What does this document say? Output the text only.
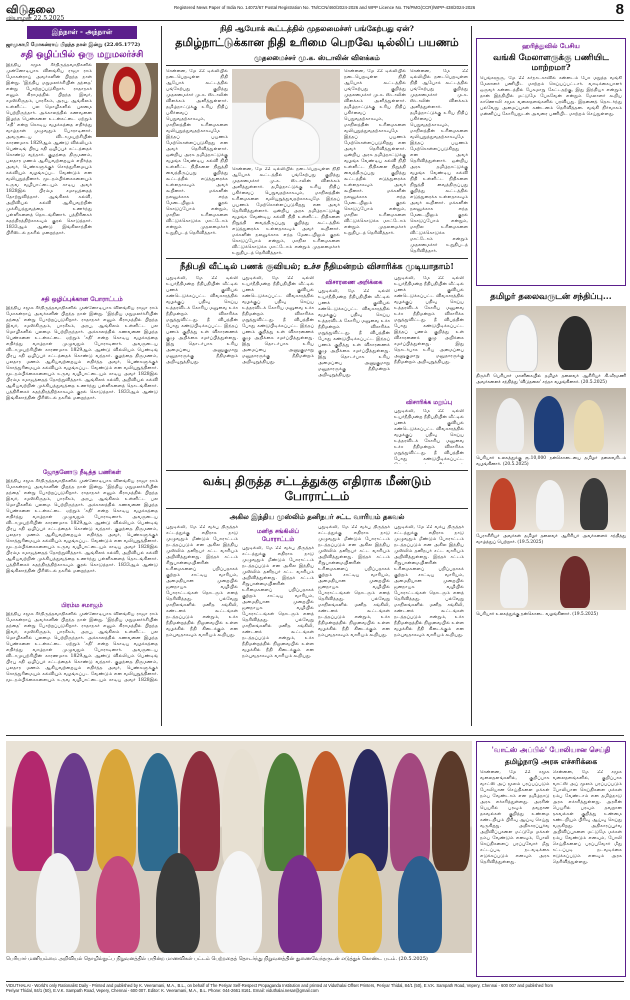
விடுதலை
வியாழன் 22.5.2025
Registered News Paper of India No. 14072/67 Postal Registration No. TN/CCN/460/2024-2026 and WPP Licence No. TN/PMG(CCR)/WPP-438/2024-2026	8
இந்நாள் - அந்நாள்
ஜாமுகாமி மோகன்ராய் பிறந்த நாள் இன்று (22.05.1772)
சதி ஒழிப்பில் ஒரு மறுமலர்ச்சி
இந்திய சமூக சீர்திருத்தவாதிகளில் முன்னோடியாக விளங்கிய ராஜா ராம் மோகன்ராய் அவர்களின் பிறந்த நாள் இன்று. 'இந்திய மறுமலர்ச்சியின் தந்தை' என்று போற்றப்படுகிறார். ராதாநகர் எனும் கிராமத்தில் பிறந்த இவர், சமஸ்கிருதம், பாரசீகம், அரபு, ஆங்கிலம் உள்ளிட்ட பல மொழிகளில் புலமை பெற்றிருந்தார். அக்காலத்தில் கணவனை இழந்த பெண்களை உடன்கட்டை ஏற்றும் 'சதி' என்ற கொடிய வழக்கத்தை எதிர்த்து வாழ்நாள் முழுவதும் போராடினார். அவருடைய விடாமுயற்சியின் காரணமாக 1829ஆம் ஆண்டு வில்லியம் பெண்டிங் பிரபு சதி ஒழிப்புச் சட்டத்தைக் கொண்டு வந்தார். குழந்தை திருமணம், பலதார மணம் ஆகியவற்றையும் எதிர்த்த அவர், பெண்களுக்குச் சொத்துரிமையும் கல்வியும் வழங்கப்பட வேண்டும் என வலியுறுத்தினார். மூடநம்பிக்கைகளையும் உருவ வழிபாட்டையும் சாடிய அவர் 1828இல் பிரம்ம சமாஜத்தைத் தோற்றுவித்தார். ஆங்கிலக் கல்வி, அறிவியல் கல்வி ஆகியவற்றின் முக்கியத்துவத்தை உணர்ந்து பள்ளிகளைத் தொடங்கினார். பத்திரிகைச் சுதந்திரத்திற்காகவும் குரல் கொடுத்தார். 1833ஆம் ஆண்டு இங்கிலாந்தின் பிரிஸ்டல் நகரில் மறைந்தார்.
சதி ஒழிப்புக்கான போராட்டம்
இந்திய சமூக சீர்திருத்தவாதிகளில் முன்னோடியாக விளங்கிய ராஜா ராம் மோகன்ராய் அவர்களின் பிறந்த நாள் இன்று. 'இந்திய மறுமலர்ச்சியின் தந்தை' என்று போற்றப்படுகிறார். ராதாநகர் எனும் கிராமத்தில் பிறந்த இவர், சமஸ்கிருதம், பாரசீகம், அரபு, ஆங்கிலம் உள்ளிட்ட பல மொழிகளில் புலமை பெற்றிருந்தார். அக்காலத்தில் கணவனை இழந்த பெண்களை உடன்கட்டை ஏற்றும் 'சதி' என்ற கொடிய வழக்கத்தை எதிர்த்து வாழ்நாள் முழுவதும் போராடினார். அவருடைய விடாமுயற்சியின் காரணமாக 1829ஆம் ஆண்டு வில்லியம் பெண்டிங் பிரபு சதி ஒழிப்புச் சட்டத்தைக் கொண்டு வந்தார். குழந்தை திருமணம், பலதார மணம் ஆகியவற்றையும் எதிர்த்த அவர், பெண்களுக்குச் சொத்துரிமையும் கல்வியும் வழங்கப்பட வேண்டும் என வலியுறுத்தினார். மூடநம்பிக்கைகளையும் உருவ வழிபாட்டையும் சாடிய அவர் 1828இல் பிரம்ம சமாஜத்தைத் தோற்றுவித்தார். ஆங்கிலக் கல்வி, அறிவியல் கல்வி ஆகியவற்றின் முக்கியத்துவத்தை உணர்ந்து பள்ளிகளைத் தொடங்கினார். பத்திரிகைச் சுதந்திரத்திற்காகவும் குரல் கொடுத்தார். 1833ஆம் ஆண்டு இங்கிலாந்தின் பிரிஸ்டல் நகரில் மறைந்தார்.
ஜோதனோடு நீடித்த பணிகள்
இந்திய சமூக சீர்திருத்தவாதிகளில் முன்னோடியாக விளங்கிய ராஜா ராம் மோகன்ராய் அவர்களின் பிறந்த நாள் இன்று. 'இந்திய மறுமலர்ச்சியின் தந்தை' என்று போற்றப்படுகிறார். ராதாநகர் எனும் கிராமத்தில் பிறந்த இவர், சமஸ்கிருதம், பாரசீகம், அரபு, ஆங்கிலம் உள்ளிட்ட பல மொழிகளில் புலமை பெற்றிருந்தார். அக்காலத்தில் கணவனை இழந்த பெண்களை உடன்கட்டை ஏற்றும் 'சதி' என்ற கொடிய வழக்கத்தை எதிர்த்து வாழ்நாள் முழுவதும் போராடினார். அவருடைய விடாமுயற்சியின் காரணமாக 1829ஆம் ஆண்டு வில்லியம் பெண்டிங் பிரபு சதி ஒழிப்புச் சட்டத்தைக் கொண்டு வந்தார். குழந்தை திருமணம், பலதார மணம் ஆகியவற்றையும் எதிர்த்த அவர், பெண்களுக்குச் சொத்துரிமையும் கல்வியும் வழங்கப்பட வேண்டும் என வலியுறுத்தினார். மூடநம்பிக்கைகளையும் உருவ வழிபாட்டையும் சாடிய அவர் 1828இல் பிரம்ம சமாஜத்தைத் தோற்றுவித்தார். ஆங்கிலக் கல்வி, அறிவியல் கல்வி ஆகியவற்றின் முக்கியத்துவத்தை உணர்ந்து பள்ளிகளைத் தொடங்கினார். பத்திரிகைச் சுதந்திரத்திற்காகவும் குரல் கொடுத்தார். 1833ஆம் ஆண்டு இங்கிலாந்தின் பிரிஸ்டல் நகரில் மறைந்தார்.
பிரம்ம சமாஜம்
இந்திய சமூக சீர்திருத்தவாதிகளில் முன்னோடியாக விளங்கிய ராஜா ராம் மோகன்ராய் அவர்களின் பிறந்த நாள் இன்று. 'இந்திய மறுமலர்ச்சியின் தந்தை' என்று போற்றப்படுகிறார். ராதாநகர் எனும் கிராமத்தில் பிறந்த இவர், சமஸ்கிருதம், பாரசீகம், அரபு, ஆங்கிலம் உள்ளிட்ட பல மொழிகளில் புலமை பெற்றிருந்தார். அக்காலத்தில் கணவனை இழந்த பெண்களை உடன்கட்டை ஏற்றும் 'சதி' என்ற கொடிய வழக்கத்தை எதிர்த்து வாழ்நாள் முழுவதும் போராடினார். அவருடைய விடாமுயற்சியின் காரணமாக 1829ஆம் ஆண்டு வில்லியம் பெண்டிங் பிரபு சதி ஒழிப்புச் சட்டத்தைக் கொண்டு வந்தார். குழந்தை திருமணம், பலதார மணம் ஆகியவற்றையும் எதிர்த்த அவர், பெண்களுக்குச் சொத்துரிமையும் கல்வியும் வழங்கப்பட வேண்டும் என வலியுறுத்தினார். மூடநம்பிக்கைகளையும் உருவ வழிபாட்டையும் சாடிய அவர் 1828இல்
நிதி ஆயோக் கூட்டத்தில் முதலமைச்சர் பங்கேற்பது ஏன்?
தமிழ்நாட்டுக்கான நிதி உரிமை பெறவே டில்லிப் பயணம்
முதலமைச்சர் மு.க. ஸ்டாலின் விளக்கம்
சென்னை, மே 22 டில்லியில் நடைபெறவுள்ள நிதி ஆயோக் கூட்டத்தில் பங்கேற்பது குறித்து முதலமைச்சர் மு.க. ஸ்டாலின் விளக்கம் அளித்துள்ளார். தமிழ்நாட்டுக்கு உரிய நிதிப் பகிர்வைப் பெறுவதற்காகவும், மாநிலத்தின் உரிமைகளை வலியுறுத்துவதற்காகவுமே இந்தப் பயணம் மேற்கொள்ளப்படுகிறது என அவர் தெரிவித்துள்ளார். ஒன்றிய அரசு தமிழ்நாட்டுக்கு வழங்க வேண்டிய கல்வி நிதி உள்ளிட்ட நிதிகளை நிறுத்தி வைத்திருப்பது குறித்து கூட்டத்தில் எடுத்துரைக்க உள்ளதாகவும் அவர் கூறினார். மக்களின் நலனுக்காக எந்த மேடையிலும் குரல் கொடுப்போம் என்றும், மாநில உரிமைகளை விட்டுக்கொடுக்க மாட்டோம் என்றும் முதலமைச்சர் உறுதிபடத் தெரிவித்தார்.
சென்னை, மே 22 டில்லியில் நடைபெறவுள்ள நிதி ஆயோக் கூட்டத்தில் பங்கேற்பது குறித்து முதலமைச்சர் மு.க. ஸ்டாலின் விளக்கம் அளித்துள்ளார். தமிழ்நாட்டுக்கு உரிய நிதிப் பகிர்வைப் பெறுவதற்காகவும், மாநிலத்தின் உரிமைகளை வலியுறுத்துவதற்காகவுமே இந்தப் பயணம் மேற்கொள்ளப்படுகிறது என அவர் தெரிவித்துள்ளார். ஒன்றிய அரசு தமிழ்நாட்டுக்கு வழங்க வேண்டிய கல்வி நிதி உள்ளிட்ட நிதிகளை நிறுத்தி வைத்திருப்பது குறித்து கூட்டத்தில் எடுத்துரைக்க உள்ளதாகவும் அவர் கூறினார். மக்களின் நலனுக்காக எந்த மேடையிலும் குரல் கொடுப்போம் என்றும், மாநில உரிமைகளை விட்டுக்கொடுக்க மாட்டோம் என்றும் முதலமைச்சர் உறுதிபடத் தெரிவித்தார்.
சென்னை, மே 22 டில்லியில் நடைபெறவுள்ள நிதி ஆயோக் கூட்டத்தில் பங்கேற்பது குறித்து முதலமைச்சர் மு.க. ஸ்டாலின் விளக்கம் அளித்துள்ளார். தமிழ்நாட்டுக்கு உரிய நிதிப் பகிர்வைப் பெறுவதற்காகவும், மாநிலத்தின் உரிமைகளை வலியுறுத்துவதற்காகவுமே இந்தப் பயணம் மேற்கொள்ளப்படுகிறது என அவர் தெரிவித்துள்ளார். ஒன்றிய அரசு தமிழ்நாட்டுக்கு வழங்க வேண்டிய கல்வி நிதி உள்ளிட்ட நிதிகளை நிறுத்தி வைத்திருப்பது குறித்து கூட்டத்தில் எடுத்துரைக்க உள்ளதாகவும் அவர் கூறினார். மக்களின் நலனுக்காக எந்த மேடையிலும் குரல் கொடுப்போம் என்றும், மாநில உரிமைகளை விட்டுக்கொடுக்க மாட்டோம் என்றும் முதலமைச்சர் உறுதிபடத் தெரிவித்தார்.
சென்னை, மே 22 டில்லியில் நடைபெறவுள்ள நிதி ஆயோக் கூட்டத்தில் பங்கேற்பது குறித்து முதலமைச்சர் மு.க. ஸ்டாலின் விளக்கம் அளித்துள்ளார். தமிழ்நாட்டுக்கு உரிய நிதிப் பகிர்வைப் பெறுவதற்காகவும், மாநிலத்தின் உரிமைகளை வலியுறுத்துவதற்காகவுமே இந்தப் பயணம் மேற்கொள்ளப்படுகிறது என அவர் தெரிவித்துள்ளார். ஒன்றிய அரசு தமிழ்நாட்டுக்கு வழங்க வேண்டிய கல்வி நிதி உள்ளிட்ட நிதிகளை நிறுத்தி வைத்திருப்பது குறித்து கூட்டத்தில் எடுத்துரைக்க உள்ளதாகவும் அவர் கூறினார். மக்களின் நலனுக்காக எந்த மேடையிலும் குரல் கொடுப்போம் என்றும், மாநில உரிமைகளை விட்டுக்கொடுக்க மாட்டோம் என்றும் முதலமைச்சர் உறுதிபடத் தெரிவித்தார்.
நீதிபதி வீட்டில் பணக் குவியல்; உச்ச நீதிமன்றம் விசாரிக்க முடியாதாம்!
புதுடில்லி, மே 22 டில்லி உயர்நீதிமன்ற நீதிபதியின் வீட்டில் பணக் குவியல் கண்டெடுக்கப்பட்ட விவகாரத்தில் வழக்குப் பதிவு செய்ய உத்தரவிடக் கோரிய மனுவை உச்ச நீதிமன்றம் விசாரிக்க மறுத்துவிட்டது. தீ விபத்தின் போது கண்டுபிடிக்கப்பட்ட இந்தப் பணம் குறித்து உள் விசாரணைக் குழு அறிக்கை சமர்ப்பித்துள்ளது. இது தொடர்பாக உரிய அமைப்பை அணுகுமாறு மனுதாரருக்கு நீதிமன்றம் அறிவுறுத்தியது.
புதுடில்லி, மே 22 டில்லி உயர்நீதிமன்ற நீதிபதியின் வீட்டில் பணக் குவியல் கண்டெடுக்கப்பட்ட விவகாரத்தில் வழக்குப் பதிவு செய்ய உத்தரவிடக் கோரிய மனுவை உச்ச நீதிமன்றம் விசாரிக்க மறுத்துவிட்டது. தீ விபத்தின் போது கண்டுபிடிக்கப்பட்ட இந்தப் பணம் குறித்து உள் விசாரணைக் குழு அறிக்கை சமர்ப்பித்துள்ளது. இது தொடர்பாக உரிய அமைப்பை அணுகுமாறு மனுதாரருக்கு நீதிமன்றம் அறிவுறுத்தியது.
விசாரணை அறிக்கை
புதுடில்லி, மே 22 டில்லி உயர்நீதிமன்ற நீதிபதியின் வீட்டில் பணக் குவியல் கண்டெடுக்கப்பட்ட விவகாரத்தில் வழக்குப் பதிவு செய்ய உத்தரவிடக் கோரிய மனுவை உச்ச நீதிமன்றம் விசாரிக்க மறுத்துவிட்டது. தீ விபத்தின் போது கண்டுபிடிக்கப்பட்ட இந்தப் பணம் குறித்து உள் விசாரணைக் குழு அறிக்கை சமர்ப்பித்துள்ளது. இது தொடர்பாக உரிய அமைப்பை அணுகுமாறு மனுதாரருக்கு நீதிமன்றம் அறிவுறுத்தியது.
புதுடில்லி, மே 22 டில்லி உயர்நீதிமன்ற நீதிபதியின் வீட்டில் பணக் குவியல் கண்டெடுக்கப்பட்ட விவகாரத்தில் வழக்குப் பதிவு செய்ய உத்தரவிடக் கோரிய மனுவை உச்ச நீதிமன்றம் விசாரிக்க மறுத்துவிட்டது. தீ விபத்தின் போது கண்டுபிடிக்கப்பட்ட இந்தப் பணம் குறித்து உள் விசாரணைக் குழு அறிக்கை சமர்ப்பித்துள்ளது. இது தொடர்பாக உரிய அமைப்பை அணுகுமாறு மனுதாரருக்கு நீதிமன்றம் அறிவுறுத்தியது.
விசாரிக்க மறுப்பு
புதுடில்லி, மே 22 டில்லி உயர்நீதிமன்ற நீதிபதியின் வீட்டில் பணக் குவியல் கண்டெடுக்கப்பட்ட விவகாரத்தில் வழக்குப் பதிவு செய்ய உத்தரவிடக் கோரிய மனுவை உச்ச நீதிமன்றம் விசாரிக்க மறுத்துவிட்டது. தீ விபத்தின் போது கண்டுபிடிக்கப்பட்ட
வக்பு திருத்த சட்டத்துக்கு எதிராக மீண்டும் போராட்டம்
அகில இந்திய முஸ்லிம் தனிநபர் சட்ட வாரியம் தகவல்
புதுடில்லி, மே 22 வக்பு திருத்தச் சட்டத்துக்கு எதிராக நாடு முழுவதும் மீண்டும் போராட்டம் நடத்தப்படும் என அகில இந்திய முஸ்லிம் தனிநபர் சட்ட வாரியம் அறிவித்துள்ளது. இந்தச் சட்டம் சிறுபான்மையினரின் உரிமைகளைப் பறிப்பதாகக் குற்றம் சாட்டிய வாரியம், அமைதியான முறையில் ஜனநாயக வழியில் போராட்டங்கள் தொடரும் எனத் தெரிவித்தது. பல்வேறு மாநிலங்களில் மனித சங்கிலி, கண்டனக் கூட்டங்கள் நடத்தப்படும் என்றும், உச்ச நீதிமன்றத்தில் நிலுவையில் உள்ள வழக்கில் நீதி கிடைக்கும் என நம்புவதாகவும் வாரியம் கூறியது.
மனித சங்கிலிப் போராட்டம்
புதுடில்லி, மே 22 வக்பு திருத்தச் சட்டத்துக்கு எதிராக நாடு முழுவதும் மீண்டும் போராட்டம் நடத்தப்படும் என அகில இந்திய முஸ்லிம் தனிநபர் சட்ட வாரியம் அறிவித்துள்ளது. இந்தச் சட்டம் சிறுபான்மையினரின் உரிமைகளைப் பறிப்பதாகக் குற்றம் சாட்டிய வாரியம், அமைதியான முறையில் ஜனநாயக வழியில் போராட்டங்கள் தொடரும் எனத் தெரிவித்தது. பல்வேறு மாநிலங்களில் மனித சங்கிலி, கண்டனக் கூட்டங்கள் நடத்தப்படும் என்றும், உச்ச நீதிமன்றத்தில் நிலுவையில் உள்ள வழக்கில் நீதி கிடைக்கும் என நம்புவதாகவும் வாரியம் கூறியது.
புதுடில்லி, மே 22 வக்பு திருத்தச் சட்டத்துக்கு எதிராக நாடு முழுவதும் மீண்டும் போராட்டம் நடத்தப்படும் என அகில இந்திய முஸ்லிம் தனிநபர் சட்ட வாரியம் அறிவித்துள்ளது. இந்தச் சட்டம் சிறுபான்மையினரின் உரிமைகளைப் பறிப்பதாகக் குற்றம் சாட்டிய வாரியம், அமைதியான முறையில் ஜனநாயக வழியில் போராட்டங்கள் தொடரும் எனத் தெரிவித்தது. பல்வேறு மாநிலங்களில் மனித சங்கிலி, கண்டனக் கூட்டங்கள் நடத்தப்படும் என்றும், உச்ச நீதிமன்றத்தில் நிலுவையில் உள்ள வழக்கில் நீதி கிடைக்கும் என நம்புவதாகவும் வாரியம் கூறியது.
புதுடில்லி, மே 22 வக்பு திருத்தச் சட்டத்துக்கு எதிராக நாடு முழுவதும் மீண்டும் போராட்டம் நடத்தப்படும் என அகில இந்திய முஸ்லிம் தனிநபர் சட்ட வாரியம் அறிவித்துள்ளது. இந்தச் சட்டம் சிறுபான்மையினரின் உரிமைகளைப் பறிப்பதாகக் குற்றம் சாட்டிய வாரியம், அமைதியான முறையில் ஜனநாயக வழியில் போராட்டங்கள் தொடரும் எனத் தெரிவித்தது. பல்வேறு மாநிலங்களில் மனித சங்கிலி, கண்டனக் கூட்டங்கள் நடத்தப்படும் என்றும், உச்ச நீதிமன்றத்தில் நிலுவையில் உள்ள வழக்கில் நீதி கிடைக்கும் என நம்புவதாகவும் வாரியம் கூறியது.
ஹரித்துவில் பேசிய
வங்கி மேலாளருக்கு பணியிட மாற்றமா?
பெங்களூரு, மே 22 கர்நாடகாவில் கன்னடம் பேச மறுத்த வங்கி மேலாளர் பணியிட மாற்றம் செய்யப்பட்டார். வாடிக்கையாளர் ஒருவர் கன்னடத்தில் பேசுமாறு கேட்டதற்கு, இது இந்தியா என்றும் தான் இந்தியில் மட்டுமே பேசுவேன் என்றும் மேலாளர் கூறிய காணொலி சமூக வலைதளங்களில் பரவியது. இதனைத் தொடர்ந்து பல்வேறு அமைப்புகள் கண்டனம் தெரிவித்தன. வங்கி நிர்வாகம் மன்னிப்பு கோரியதுடன் அவரை பணியிட மாற்றம் செய்துள்ளது.
தமிழர் தலைவருடன் சந்திப்பு...
திருச்சி பெரியார் மாளிகையில் தமிழர் தலைவர் ஆசிரியர் கி.வீரமணி அவர்களைச் சந்தித்து 'விடுதலை' சந்தா வழங்கினார். (20.5.2025)
பெரியார் உலகத்துக்கு ரூ.10,000 நன்கொடையை தமிழர் தலைவரிடம் வழங்கினார். (20.5.2025)
பேராசிரியர் அவர்கள் தமிழர் தலைவர் ஆசிரியர் அவர்களைச் சந்தித்து வாழ்த்துப் பெற்றார். (19.5.2025)
பெரியார் உலகத்துக்கு நன்கொடை வழங்கினார். (19.5.2025)
பெரியார் மணியம்மை அறிவியல் தொழில்நுட்ப நிறுவனத்தில் பயின்ற மாணவிகள் பட்டம் பெற்றதைத் தொடர்ந்து நிறுவனத்தின் துணைவேந்தருடன் எடுத்துக் கொண்ட படம். (20.5.2025)
'வாட்ஸ் அப்பில்' போலியான செய்தி
தமிழ்நாடு அரசு எச்சரிக்கை
சென்னை, மே 22 சமூக வலைதளங்களில், குறிப்பாக வாட்ஸ் அப் மூலம் பரப்பப்படும் போலியான செய்திகளை மக்கள் நம்ப வேண்டாம் என தமிழ்நாடு அரசு எச்சரித்துள்ளது. அரசின் பெயரில் பரவும் தவறான தகவல்கள் குறித்து உண்மை கண்டறியும் பிரிவு ஆய்வு செய்து வருகிறது. அதிகாரப்பூர்வ அறிவிப்புகளை மட்டுமே மக்கள் நம்ப வேண்டும் எனவும், போலி செய்திகளைப் பரப்புவோர் மீது சட்டப்படி நடவடிக்கை எடுக்கப்படும் எனவும் அரசு தெரிவித்துள்ளது.
சென்னை, மே 22 சமூக வலைதளங்களில், குறிப்பாக வாட்ஸ் அப் மூலம் பரப்பப்படும் போலியான செய்திகளை மக்கள் நம்ப வேண்டாம் என தமிழ்நாடு அரசு எச்சரித்துள்ளது. அரசின் பெயரில் பரவும் தவறான தகவல்கள் குறித்து உண்மை கண்டறியும் பிரிவு ஆய்வு செய்து வருகிறது. அதிகாரப்பூர்வ அறிவிப்புகளை மட்டுமே மக்கள் நம்ப வேண்டும் எனவும், போலி செய்திகளைப் பரப்புவோர் மீது சட்டப்படி நடவடிக்கை எடுக்கப்படும் எனவும் அரசு தெரிவித்துள்ளது.
VIDUTHALAI - World's only Rationalist Daily - Printed and published by K. Veeramani, M.A., B.L., on behalf of The Periyar Self-Respect Propaganda Institution and printed at Viduthalai Offset Printers, Periyar Thidal, 84/1 (50), E.V.K. Sampath Road, Vepery, Chennai - 600 007 and published from
Periyar Thidal, 84/1 (50), E.V.K. Sampath Road, Vepery, Chennai - 600 007. Editor: K. Veeramani, M.A., B.L. Phone: 044-2661 8161. Email: viduthalai.nesar@gmail.com
